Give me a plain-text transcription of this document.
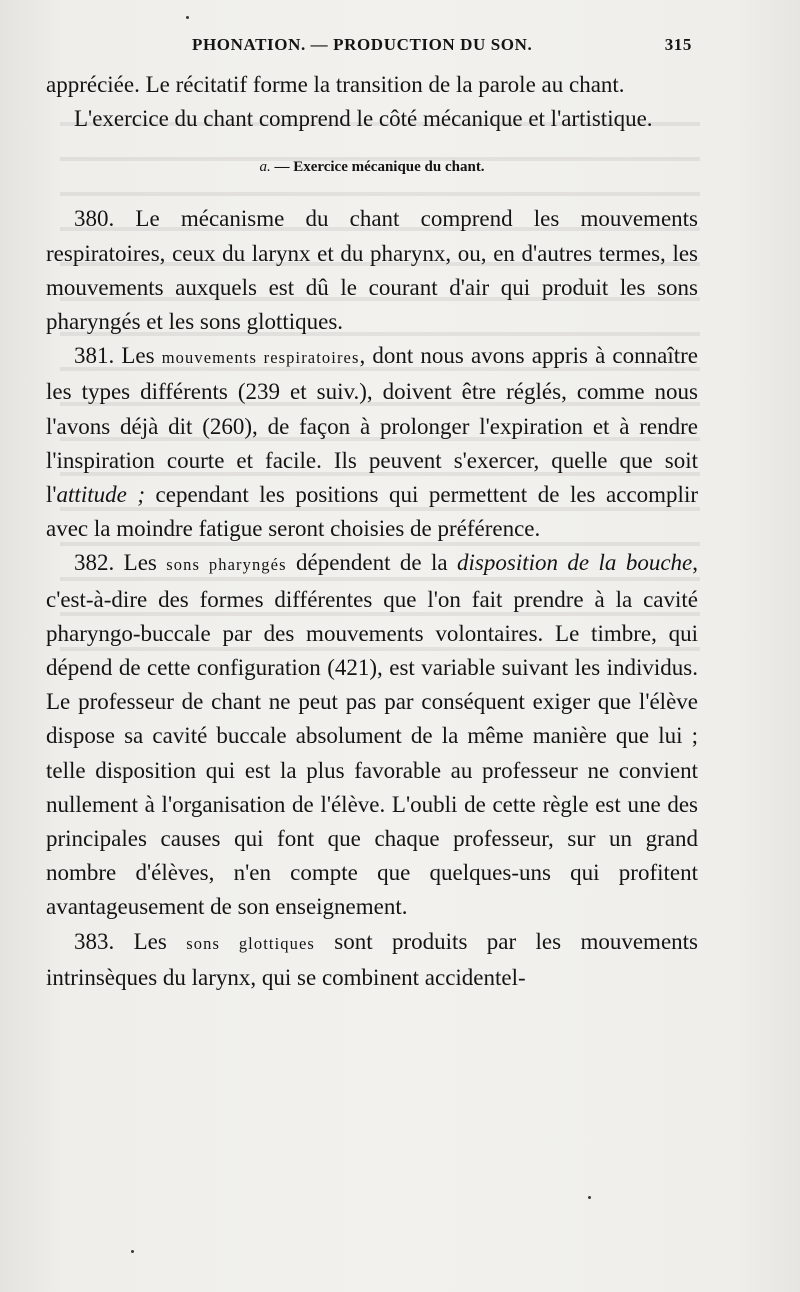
PHONATION. — PRODUCTION DU SON.	315

appréciée. Le récitatif forme la transition de la parole au chant.

L'exercice du chant comprend le côté mécanique et l'artistique.

a. — Exercice mécanique du chant.

380. Le mécanisme du chant comprend les mouvements respiratoires, ceux du larynx et du pharynx, ou, en d'autres termes, les mouvements auxquels est dû le courant d'air qui produit les sons pharyngés et les sons glottiques.

381. Les mouvements respiratoires, dont nous avons appris à connaître les types différents (239 et suiv.), doivent être réglés, comme nous l'avons déjà dit (260), de façon à prolonger l'expiration et à rendre l'inspiration courte et facile. Ils peuvent s'exercer, quelle que soit l'attitude ; cependant les positions qui permettent de les accomplir avec la moindre fatigue seront choisies de préférence.

382. Les sons pharyngés dépendent de la disposition de la bouche, c'est-à-dire des formes différentes que l'on fait prendre à la cavité pharyngo-buccale par des mouvements volontaires. Le timbre, qui dépend de cette configuration (421), est variable suivant les individus. Le professeur de chant ne peut pas par conséquent exiger que l'élève dispose sa cavité buccale absolument de la même manière que lui ; telle disposition qui est la plus favorable au professeur ne convient nullement à l'organisation de l'élève. L'oubli de cette règle est une des principales causes qui font que chaque professeur, sur un grand nombre d'élèves, n'en compte que quelques-uns qui profitent avantageusement de son enseignement.

383. Les sons glottiques sont produits par les mouvements intrinsèques du larynx, qui se combinent accidentel-
